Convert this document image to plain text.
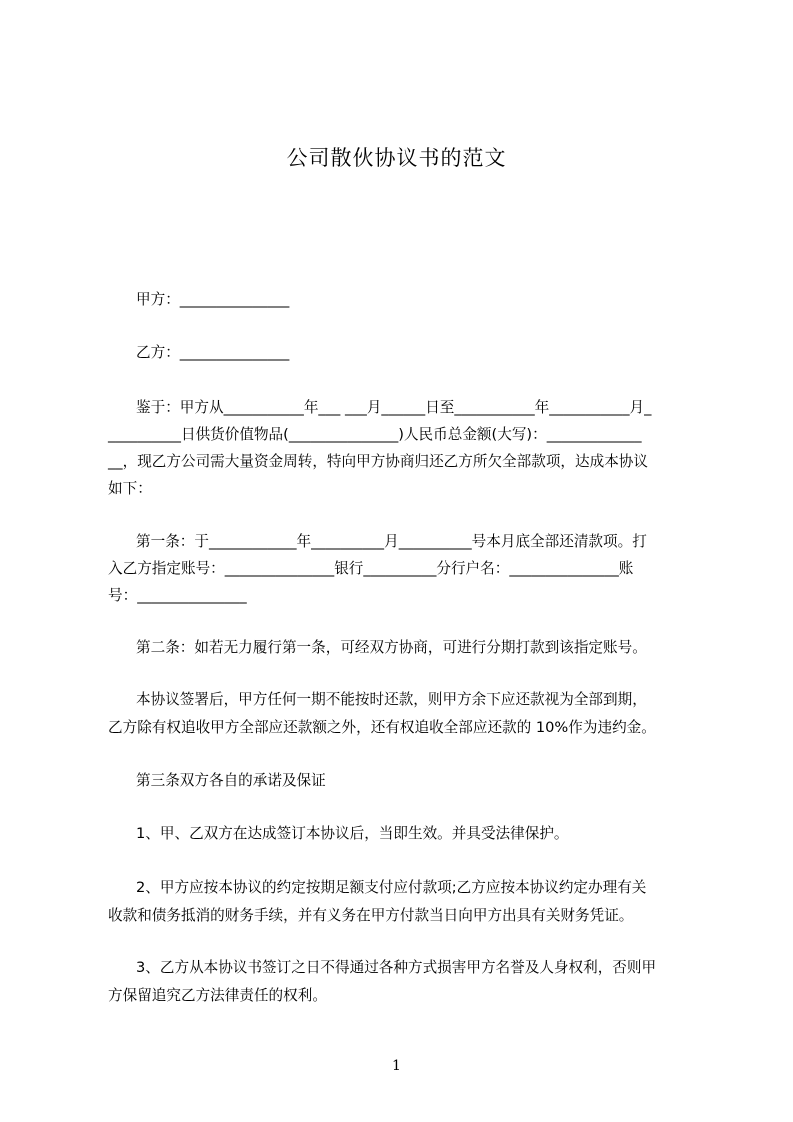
公司散伙协议书的范文
甲方：_______________
乙方：_______________
鉴于：甲方从___________年___ ___月______日至___________年___________月_
__________日供货价值物品(_______________)人民币总金额(大写)：_____________
__，现乙方公司需大量资金周转，特向甲方协商归还乙方所欠全部款项，达成本协议
如下：
第一条：于____________年__________月__________号本月底全部还清款项。打
入乙方指定账号：_______________银行__________分行户名：_______________账
号：_______________
第二条：如若无力履行第一条，可经双方协商，可进行分期打款到该指定账号。
本协议签署后，甲方任何一期不能按时还款，则甲方余下应还款视为全部到期，
乙方除有权追收甲方全部应还款额之外，还有权追收全部应还款的 10%作为违约金。
第三条双方各自的承诺及保证
1、甲、乙双方在达成签订本协议后，当即生效。并具受法律保护。
2、甲方应按本协议的约定按期足额支付应付款项;乙方应按本协议约定办理有关
收款和债务抵消的财务手续，并有义务在甲方付款当日向甲方出具有关财务凭证。
3、乙方从本协议书签订之日不得通过各种方式损害甲方名誉及人身权利，否则甲
方保留追究乙方法律责任的权利。
1
